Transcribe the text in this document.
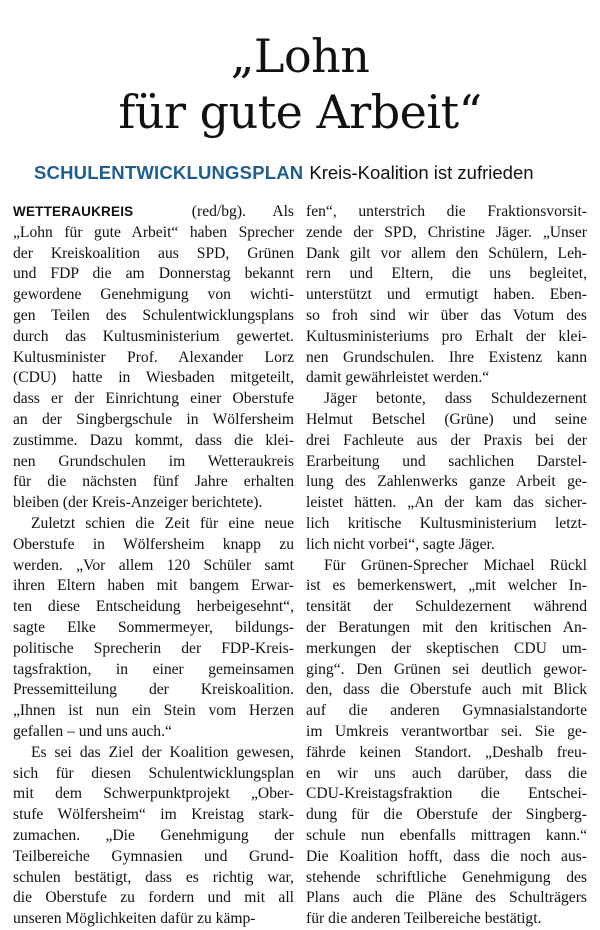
„Lohn
für gute Arbeit“
SCHULENTWICKLUNGSPLAN Kreis-Koalition ist zufrieden

WETTERAUKREIS   (red/bg). Als
„Lohn für gute Arbeit“ haben Sprecher
der Kreiskoalition aus SPD, Grünen
und FDP die am Donnerstag bekannt
gewordene Genehmigung von wichti-
gen Teilen des Schulentwicklungsplans
durch das Kultusministerium gewertet.
Kultusminister Prof. Alexander Lorz
(CDU) hatte in Wiesbaden mitgeteilt,
dass er der Einrichtung einer Oberstufe
an der Singbergschule in Wölfersheim
zustimme. Dazu kommt, dass die klei-
nen Grundschulen im Wetteraukreis
für die nächsten fünf Jahre erhalten
bleiben (der Kreis-Anzeiger berichtete).

Zuletzt schien die Zeit für eine neue
Oberstufe in Wölfersheim knapp zu
werden. „Vor allem 120 Schüler samt
ihren Eltern haben mit bangem Erwar-
ten diese Entscheidung herbeigesehnt“,
sagte Elke Sommermeyer, bildungs-
politische Sprecherin der FDP-Kreis-
tagsfraktion, in einer gemeinsamen
Pressemitteilung der Kreiskoalition.
„Ihnen ist nun ein Stein vom Herzen
gefallen – und uns auch.“

Es sei das Ziel der Koalition gewesen,
sich für diesen Schulentwicklungsplan
mit dem Schwerpunktprojekt „Ober-
stufe Wölfersheim“ im Kreistag stark-
zumachen. „Die Genehmigung der
Teilbereiche Gymnasien und Grund-
schulen bestätigt, dass es richtig war,
die Oberstufe zu fordern und mit all
unseren Möglichkeiten dafür zu kämp-

fen“, unterstrich die Fraktionsvorsit-
zende der SPD, Christine Jäger. „Unser
Dank gilt vor allem den Schülern, Leh-
rern und Eltern, die uns begleitet,
unterstützt und ermutigt haben. Eben-
so froh sind wir über das Votum des
Kultusministeriums pro Erhalt der klei-
nen Grundschulen. Ihre Existenz kann
damit gewährleistet werden.“

Jäger betonte, dass Schuldezernent
Helmut Betschel (Grüne) und seine
drei Fachleute aus der Praxis bei der
Erarbeitung und sachlichen Darstel-
lung des Zahlenwerks ganze Arbeit ge-
leistet hätten. „An der kam das sicher-
lich kritische Kultusministerium letzt-
lich nicht vorbei“, sagte Jäger.

Für Grünen-Sprecher Michael Rückl
ist es bemerkenswert, „mit welcher In-
tensität der Schuldezernent während
der Beratungen mit den kritischen An-
merkungen der skeptischen CDU um-
ging“. Den Grünen sei deutlich gewor-
den, dass die Oberstufe auch mit Blick
auf die anderen Gymnasialstandorte
im Umkreis verantwortbar sei. Sie ge-
fährde keinen Standort. „Deshalb freu-
en wir uns auch darüber, dass die
CDU-Kreistagsfraktion die Entschei-
dung für die Oberstufe der Singberg-
schule nun ebenfalls mittragen kann.“
Die Koalition hofft, dass die noch aus-
stehende schriftliche Genehmigung des
Plans auch die Pläne des Schulträgers
für die anderen Teilbereiche bestätigt.
